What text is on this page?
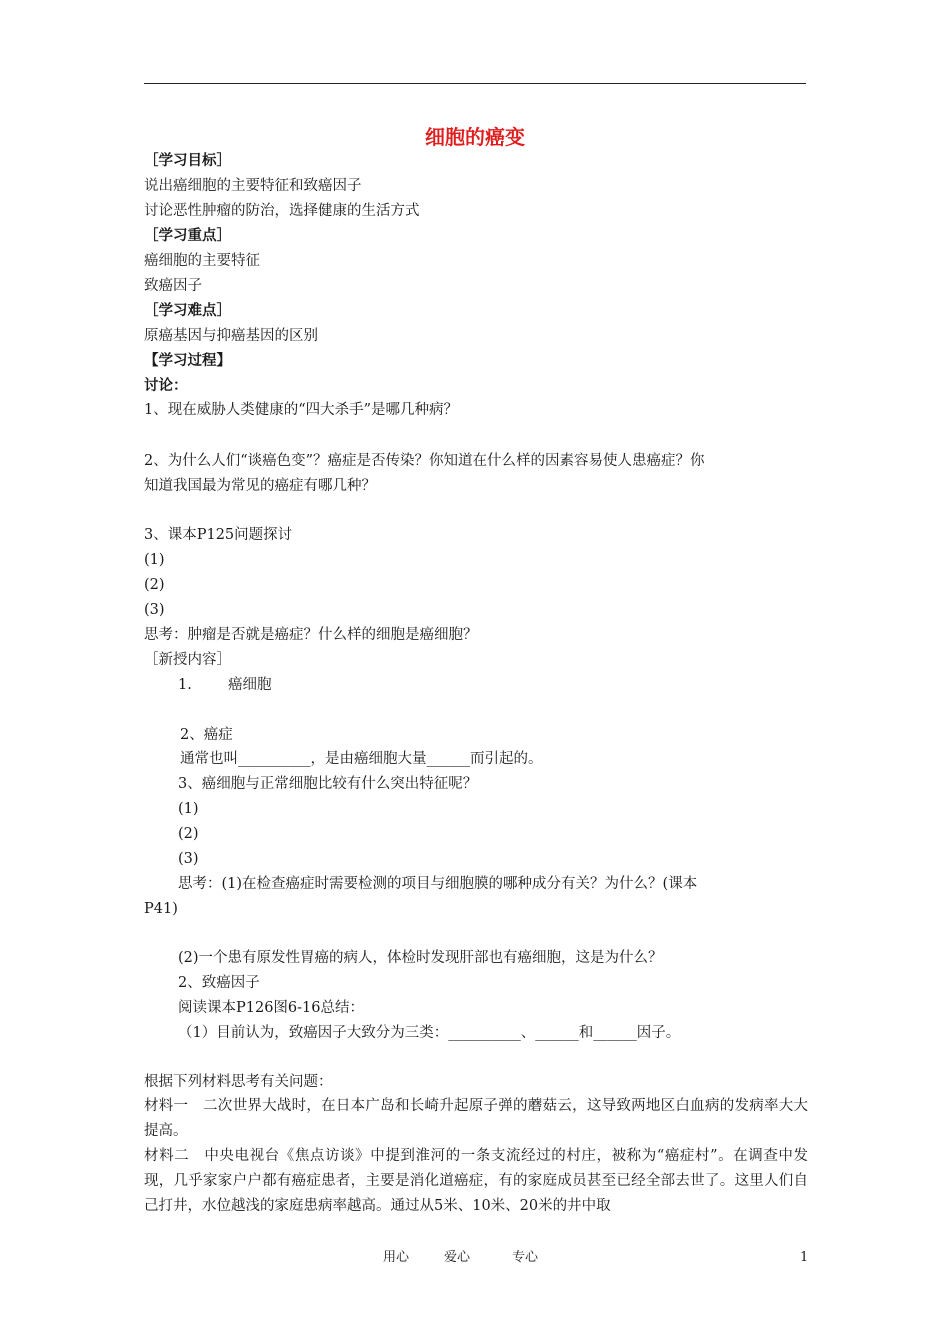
细胞的癌变
［学习目标］
说出癌细胞的主要特征和致癌因子
讨论恶性肿瘤的防治，选择健康的生活方式
［学习重点］
癌细胞的主要特征
致癌因子
［学习难点］
原癌基因与抑癌基因的区别
【学习过程】
讨论：
1、现在威胁人类健康的“四大杀手”是哪几种病？
2、为什么人们“谈癌色变”？癌症是否传染？你知道在什么样的因素容易使人患癌症？你
知道我国最为常见的癌症有哪几种？
3、课本P125问题探讨
(1)
(2)
(3)
思考：肿瘤是否就是癌症？什么样的细胞是癌细胞？
［新授内容］
1. 癌细胞
2、癌症
通常也叫__________，是由癌细胞大量______而引起的。
3、癌细胞与正常细胞比较有什么突出特征呢？
(1)
(2)
(3)
思考：(1)在检查癌症时需要检测的项目与细胞膜的哪种成分有关？为什么？(课本
P41)
(2)一个患有原发性胃癌的病人，体检时发现肝部也有癌细胞，这是为什么？
2、致癌因子
阅读课本P126图6-16总结：
（1）目前认为，致癌因子大致分为三类：__________、______和______因子。
根据下列材料思考有关问题：
材料一　二次世界大战时，在日本广岛和长崎升起原子弹的蘑菇云，这导致两地区白血病的发病率大大提高。
材料二　中央电视台《焦点访谈》中提到淮河的一条支流经过的村庄，被称为“癌症村”。在调查中发现，几乎家家户户都有癌症患者，主要是消化道癌症，有的家庭成员甚至已经全部去世了。这里人们自己打井，水位越浅的家庭患病率越高。通过从5米、10米、20米的井中取
用心	爱心	专心	1
